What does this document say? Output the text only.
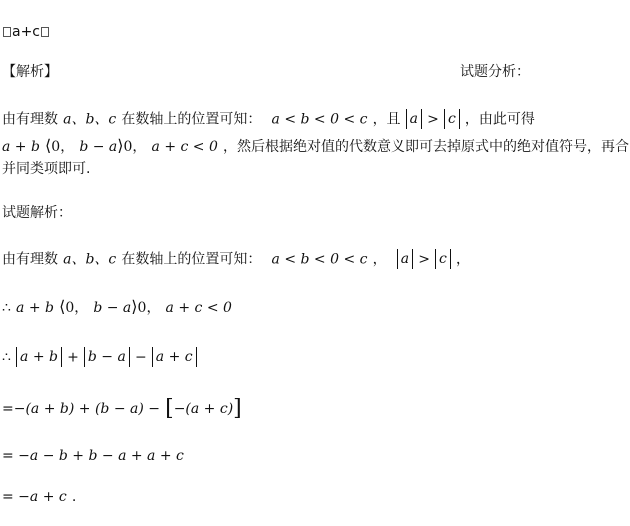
a+c
【解析】	试题分析：
由有理数 a、b、c 在数轴上的位置可知： a < b < 0 < c ，且 a > c ，由此可得
a + b ⟨0， b − a⟩0， a + c < 0 ，然后根据绝对值的代数意义即可去掉原式中的绝对值符号，再合
并同类项即可.
试题解析：
由有理数 a、b、c 在数轴上的位置可知： a < b < 0 < c ， a > c ，
∴ a + b ⟨0， b − a⟩0， a + c < 0
∴ a + b + b − a − a + c
=−(a + b) + (b − a) − [−(a + c)]
= −a − b + b − a + a + c
= −a + c .
